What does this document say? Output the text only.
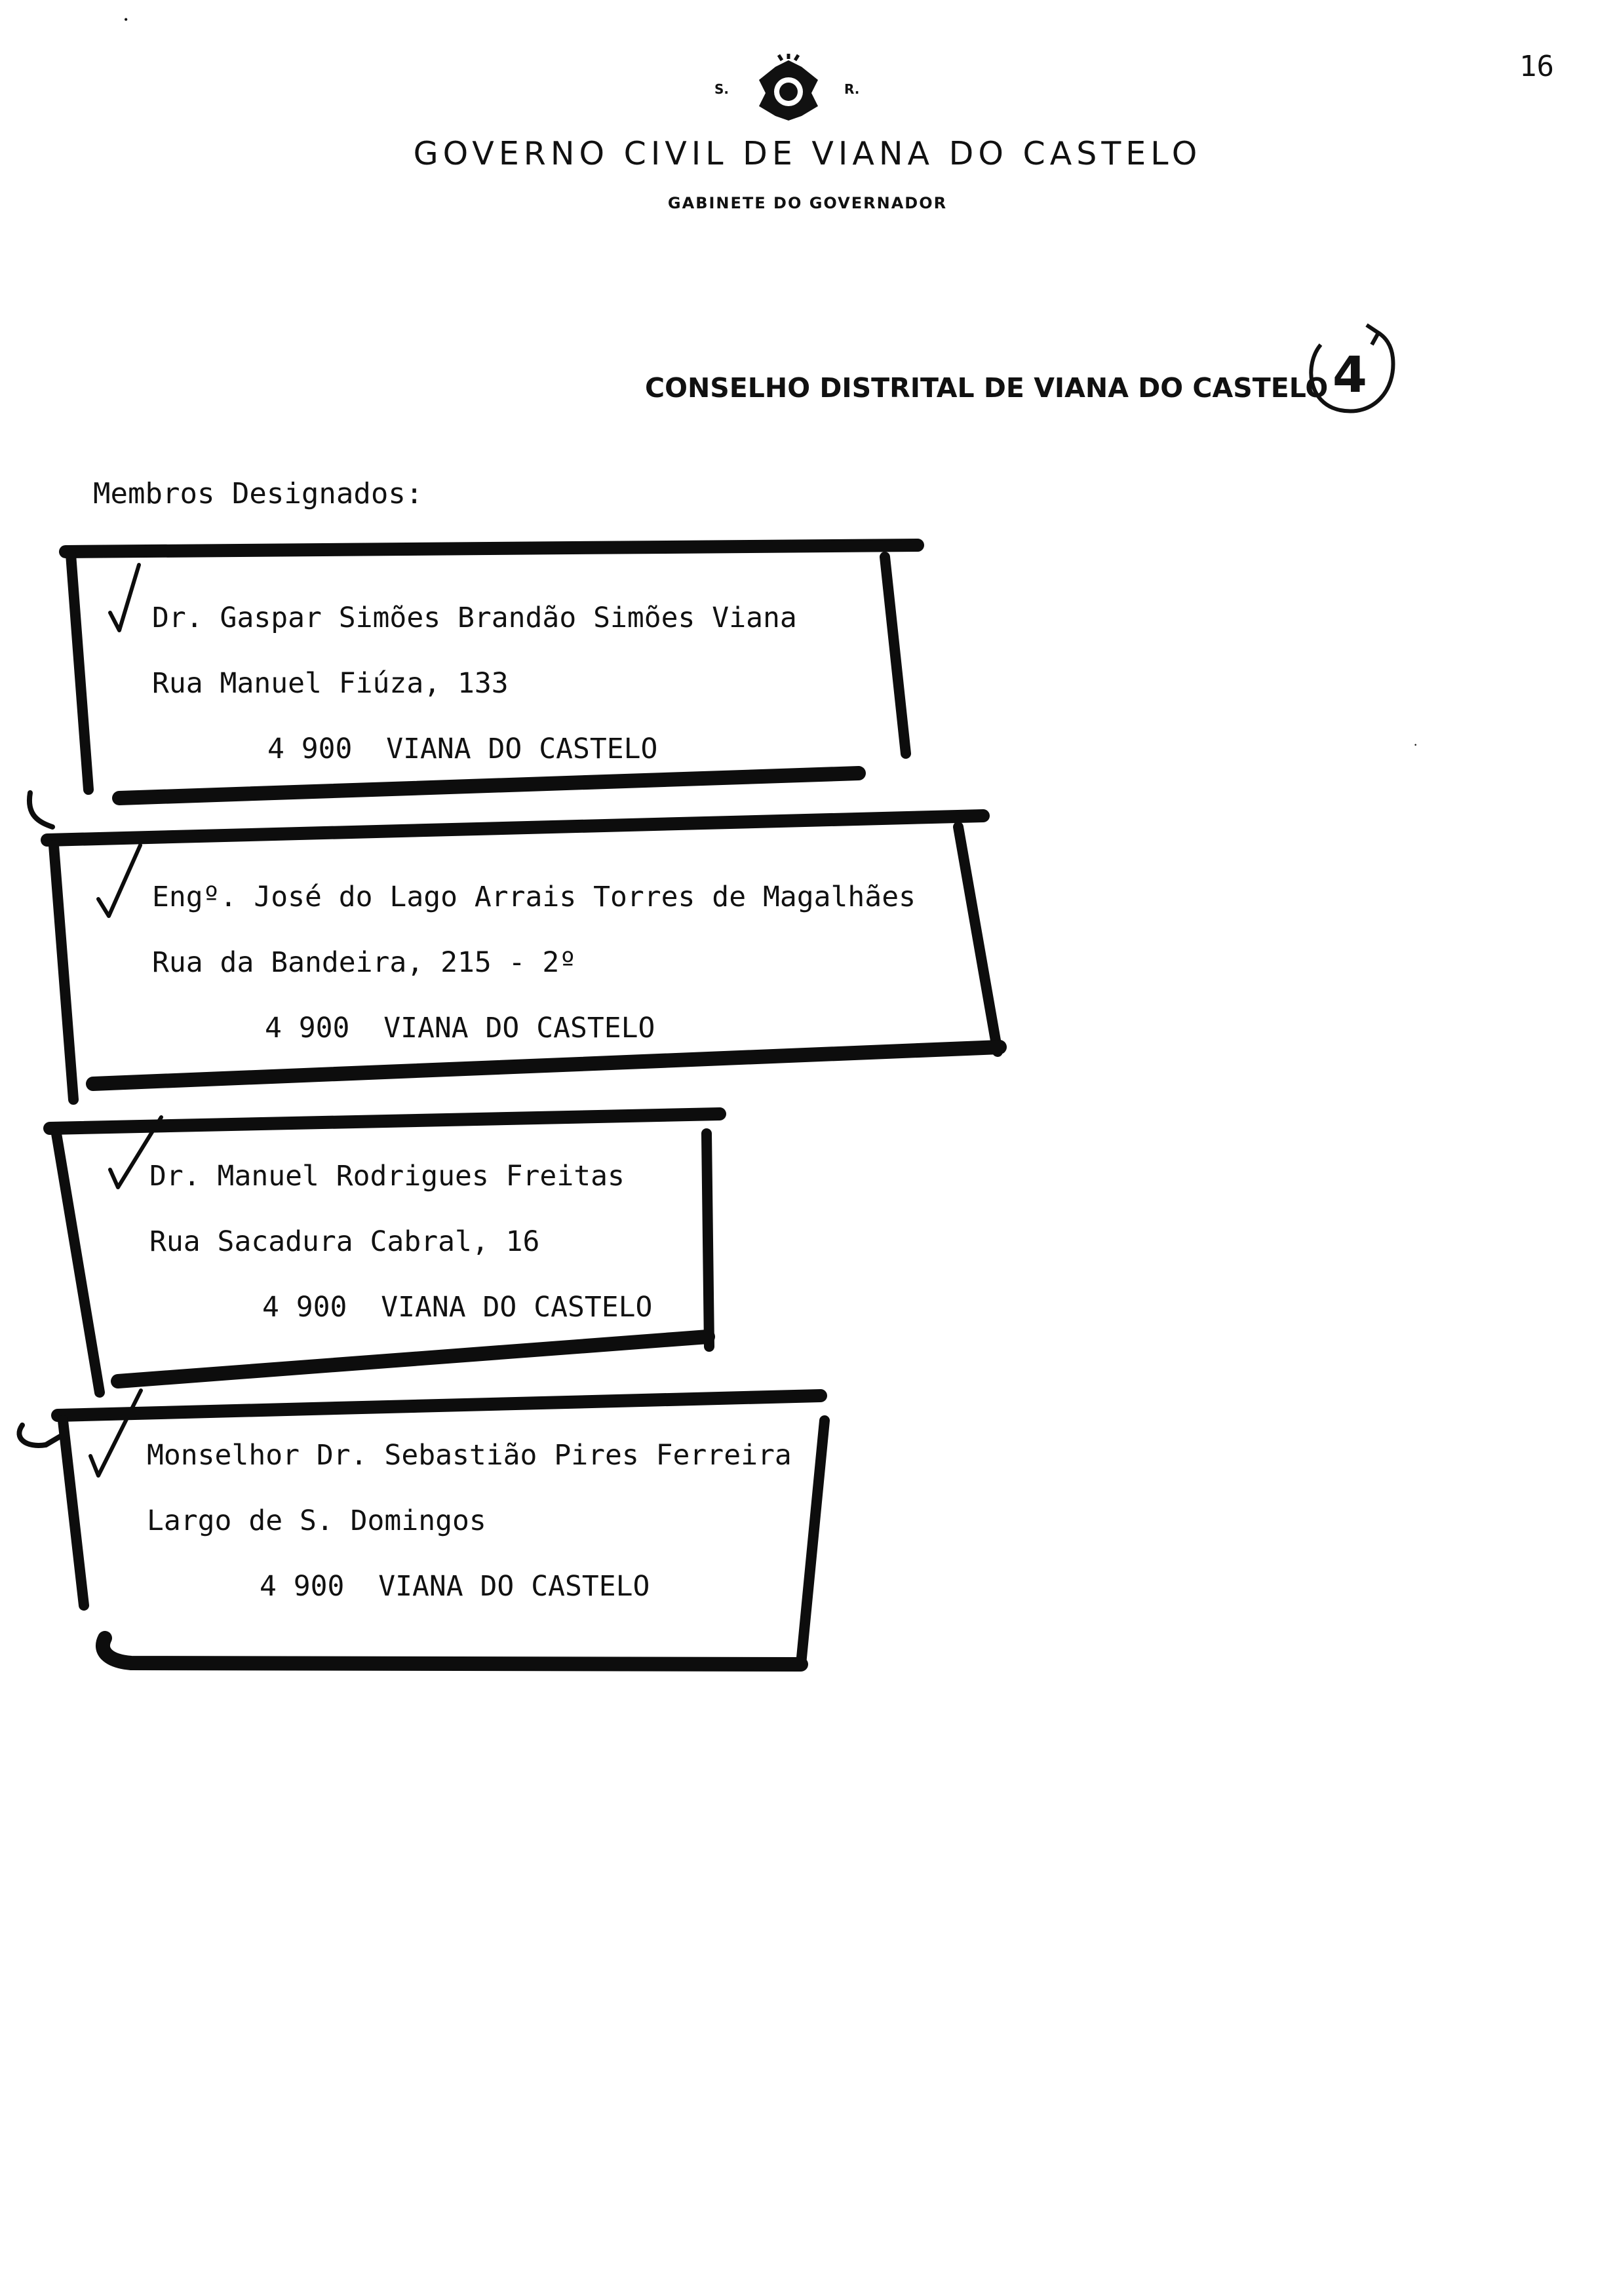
16
•
·
S.	R.
GOVERNO CIVIL DE VIANA DO CASTELO
GABINETE DO GOVERNADOR
CONSELHO DISTRITAL DE VIANA DO CASTELO 4
Membros Designados:
Dr. Gaspar Simões Brandão Simões Viana
Rua Manuel Fiúza, 133
4 900  VIANA DO CASTELO
Engº. José do Lago Arrais Torres de Magalhães
Rua da Bandeira, 215 - 2º
4 900  VIANA DO CASTELO
Dr. Manuel Rodrigues Freitas
Rua Sacadura Cabral, 16
4 900  VIANA DO CASTELO
Monselhor Dr. Sebastião Pires Ferreira
Largo de S. Domingos
4 900  VIANA DO CASTELO
